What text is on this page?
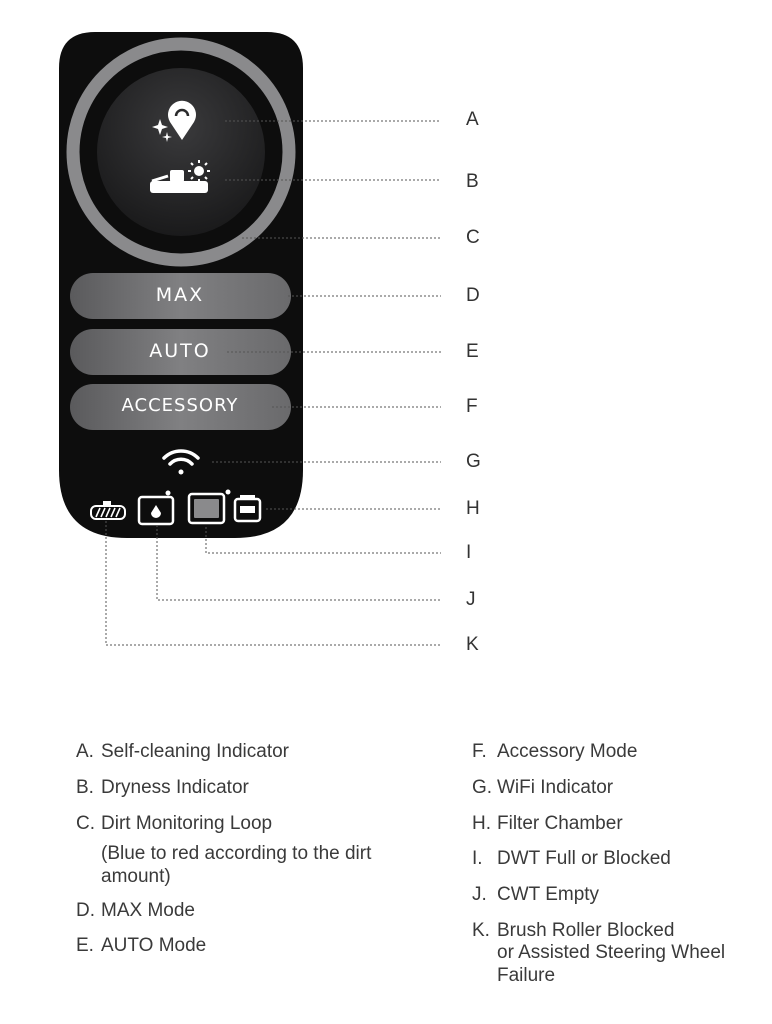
MAX
AUTO
ACCESSORY
A
B
C
D
E
F
G
H
I
J
K
A. Self-cleaning Indicator
B. Dryness Indicator
C. Dirt Monitoring Loop
(Blue to red according to the dirt
amount)
D. MAX Mode
E. AUTO Mode
F. Accessory Mode
G. WiFi Indicator
H. Filter Chamber
I. DWT Full or Blocked
J. CWT Empty
K. Brush Roller Blocked
or Assisted Steering Wheel
Failure
